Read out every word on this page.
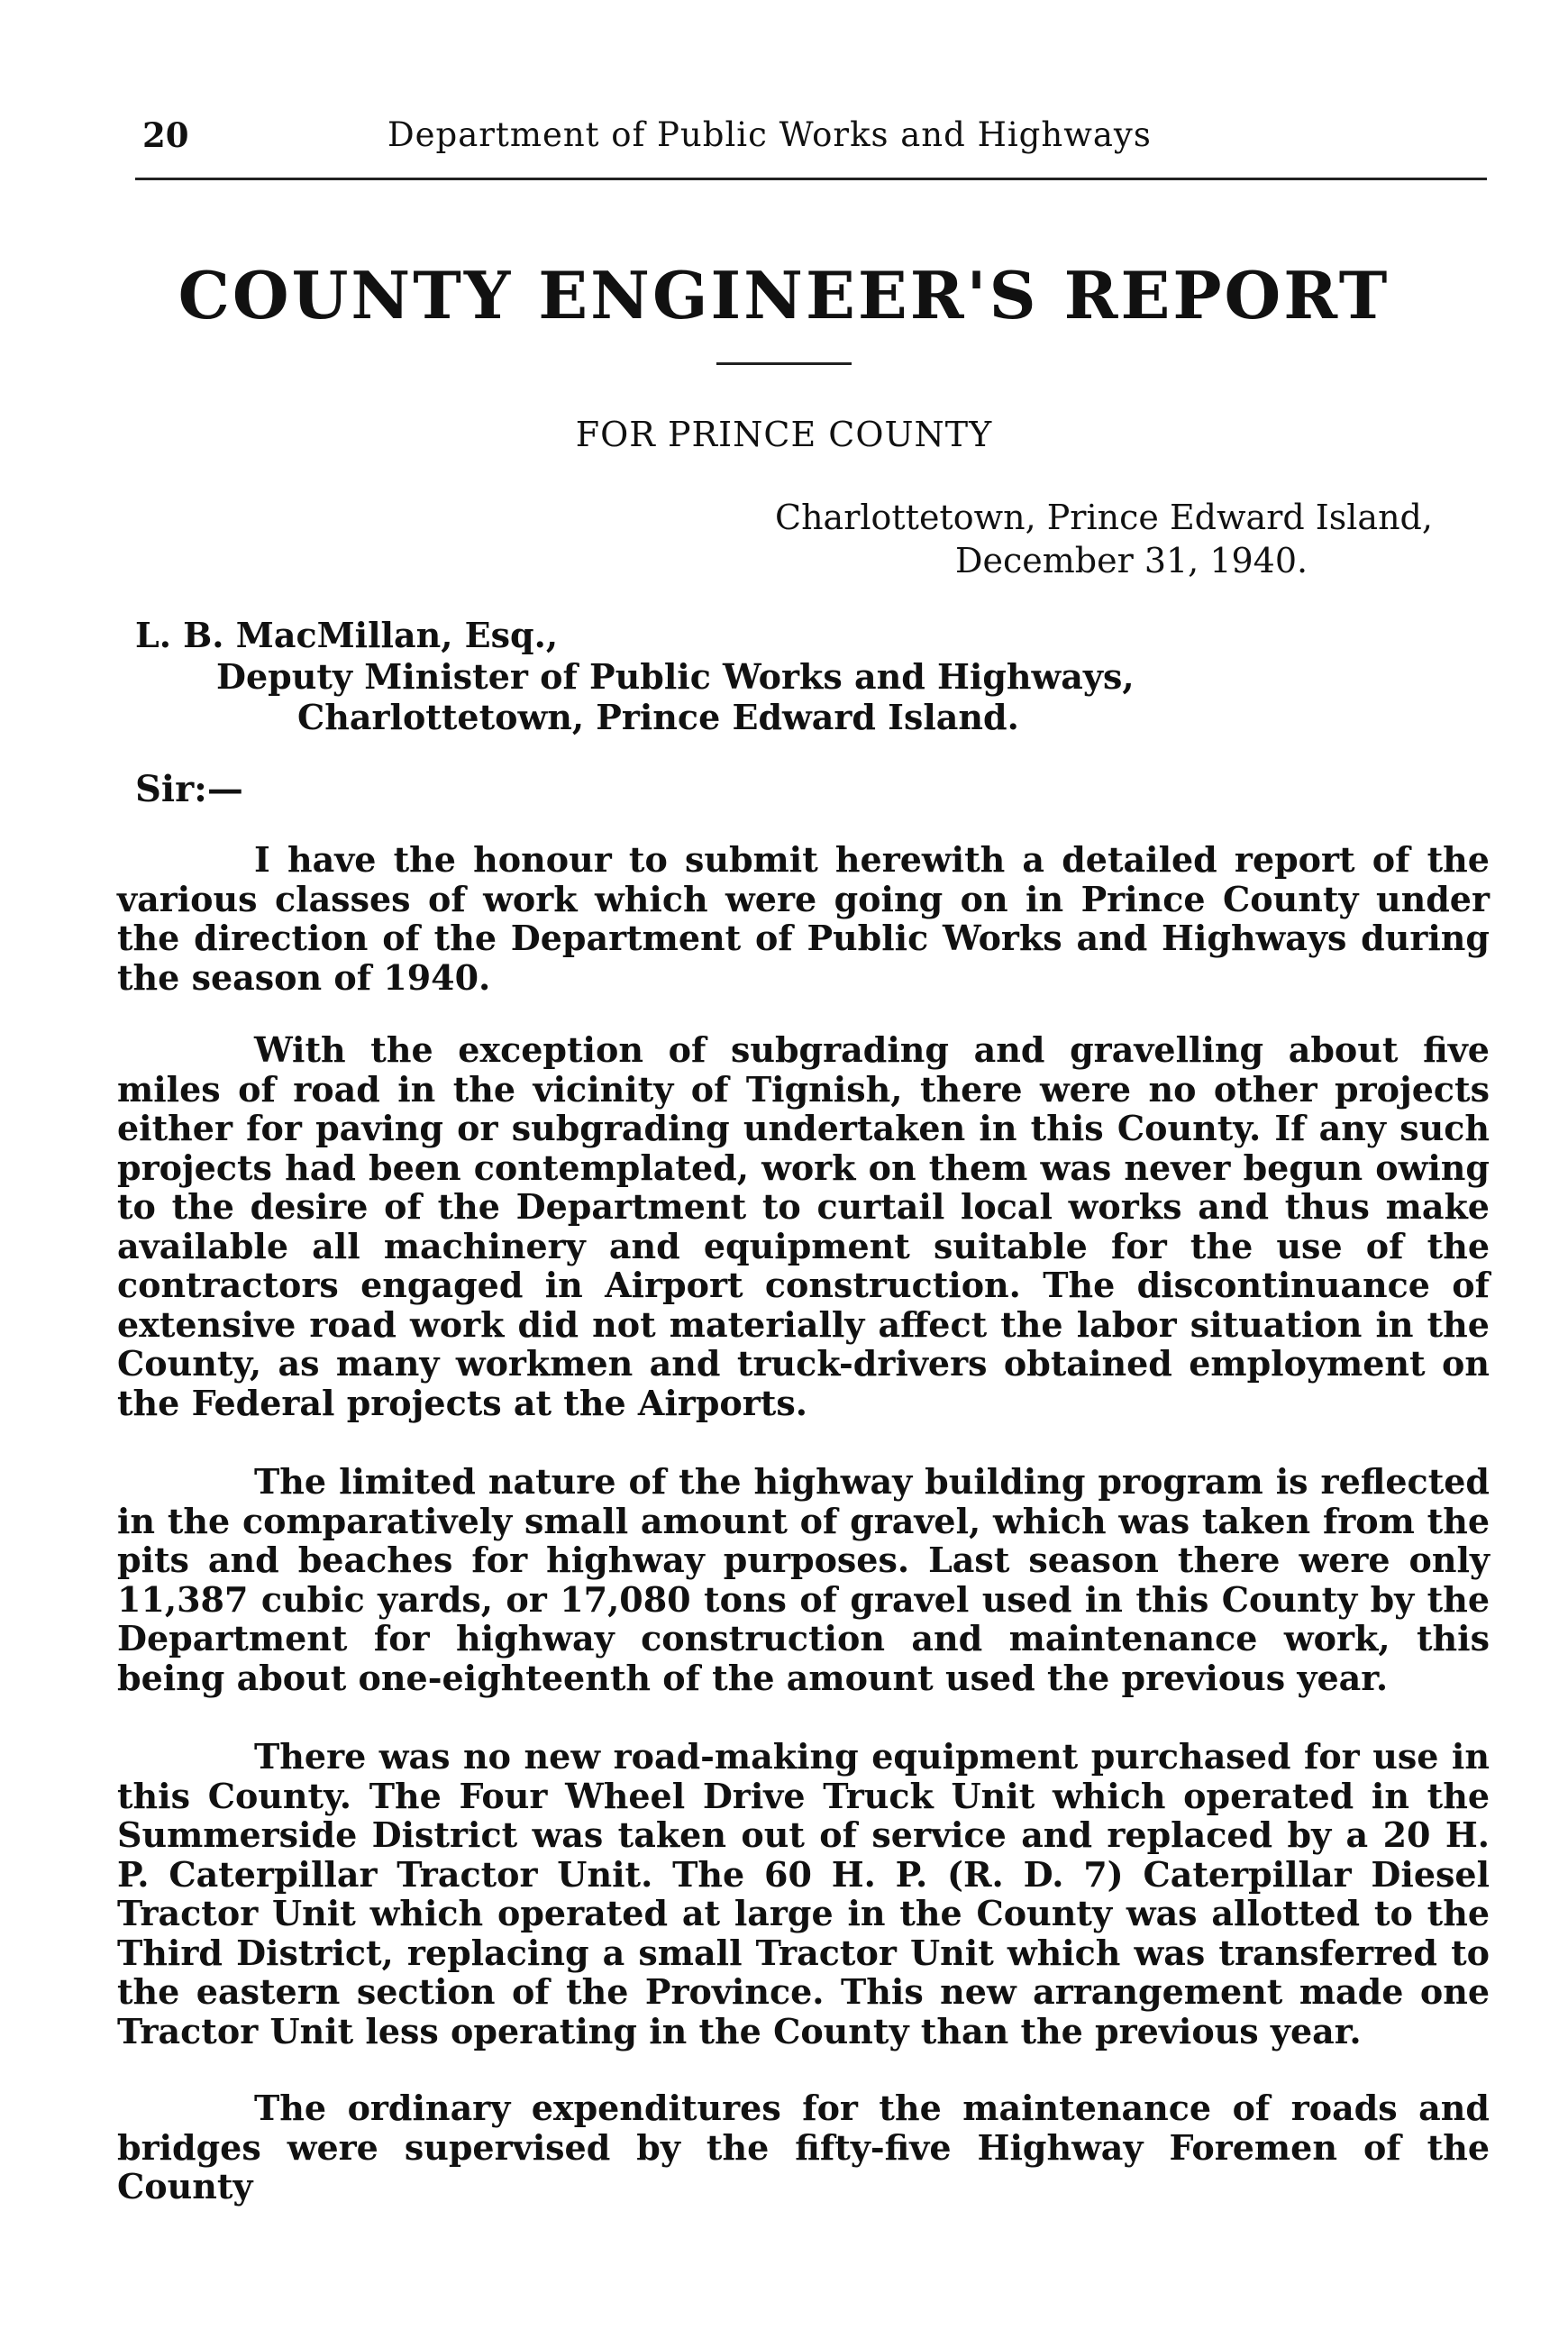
20	Department of Public Works and Highways
COUNTY ENGINEER'S REPORT
FOR PRINCE COUNTY
Charlottetown, Prince Edward Island,
December 31, 1940.
L. B. MacMillan, Esq.,
Deputy Minister of Public Works and Highways,
Charlottetown, Prince Edward Island.
Sir:—

I have the honour to submit herewith a detailed report of the various classes of work which were going on in Prince County under the direction of the Department of Public Works and Highways during the season of 1940.

With the exception of subgrading and gravelling about five miles of road in the vicinity of Tignish, there were no other projects either for paving or subgrading undertaken in this County. If any such projects had been contemplated, work on them was never begun owing to the desire of the Department to curtail local works and thus make available all machinery and equipment suitable for the use of the contractors engaged in Airport construction. The discontinuance of extensive road work did not materially affect the labor situation in the County, as many workmen and truck-drivers obtained employment on the Federal projects at the Airports.

The limited nature of the highway building program is reflected in the comparatively small amount of gravel, which was taken from the pits and beaches for highway purposes. Last season there were only 11,387 cubic yards, or 17,080 tons of gravel used in this County by the Department for highway construction and maintenance work, this being about one-eighteenth of the amount used the previous year.

There was no new road-making equipment purchased for use in this County. The Four Wheel Drive Truck Unit which operated in the Summerside District was taken out of service and replaced by a 20 H. P. Caterpillar Tractor Unit. The 60 H. P. (R. D. 7) Caterpillar Diesel Tractor Unit which operated at large in the County was allotted to the Third District, replacing a small Tractor Unit which was transferred to the eastern section of the Province. This new arrangement made one Tractor Unit less operating in the County than the previous year.

The ordinary expenditures for the maintenance of roads and bridges were supervised by the fifty-five Highway Foremen of the County
